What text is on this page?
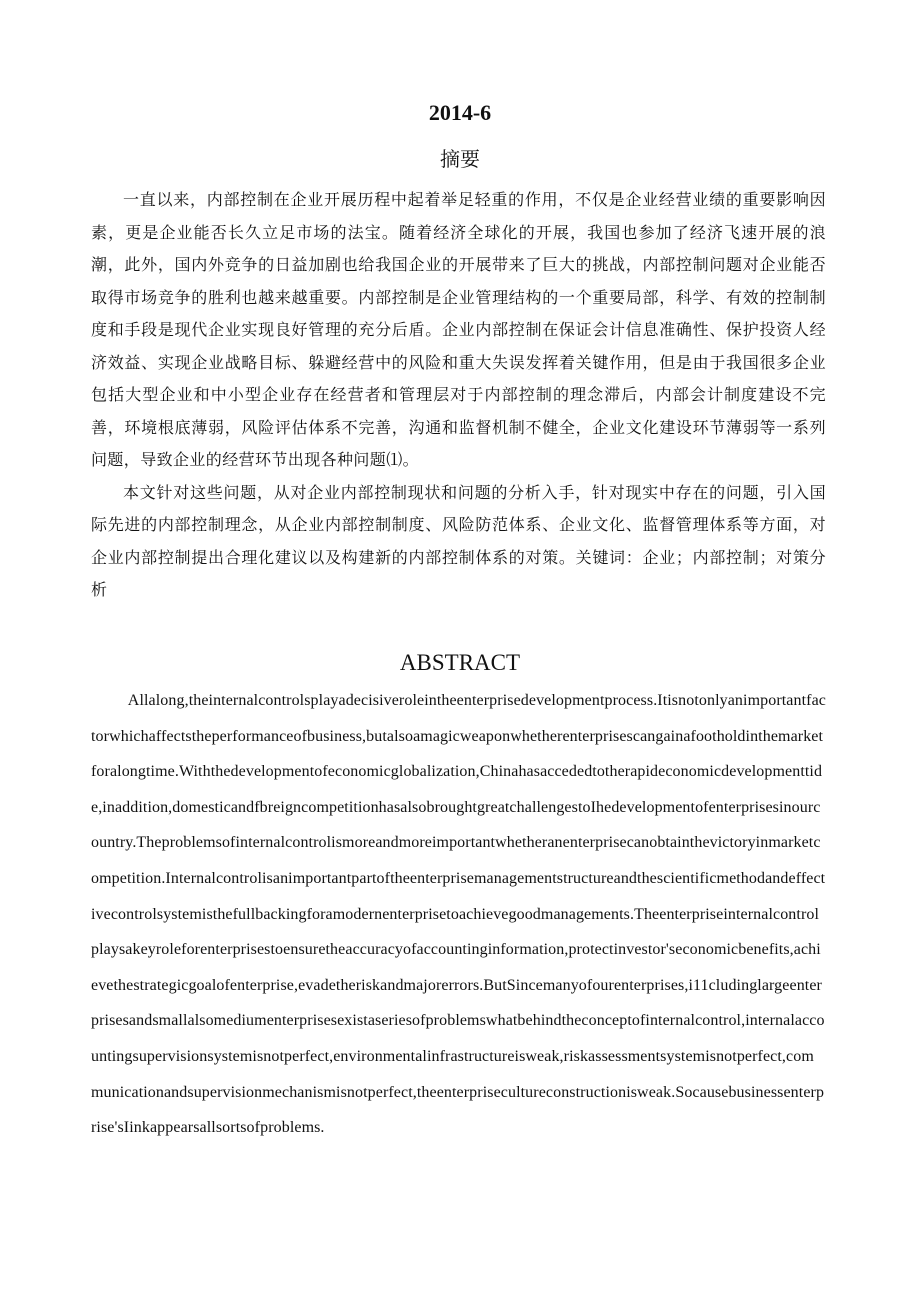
2014-6
摘要

一直以来，内部控制在企业开展历程中起着举足轻重的作用，不仅是企业经营业绩的重要影响因素，更是企业能否长久立足市场的法宝。随着经济全球化的开展，我国也参加了经济飞速开展的浪潮，此外，国内外竞争的日益加剧也给我国企业的开展带来了巨大的挑战，内部控制问题对企业能否取得市场竞争的胜利也越来越重要。内部控制是企业管理结构的一个重要局部，科学、有效的控制制度和手段是现代企业实现良好管理的充分后盾。企业内部控制在保证会计信息准确性、保护投资人经济效益、实现企业战略目标、躲避经营中的风险和重大失误发挥着关键作用，但是由于我国很多企业包括大型企业和中小型企业存在经营者和管理层对于内部控制的理念滞后，内部会计制度建设不完善，环境根底薄弱，风险评估体系不完善，沟通和监督机制不健全，企业文化建设环节薄弱等一系列问题，导致企业的经营环节出现各种问题⑴。

本文针对这些问题，从对企业内部控制现状和问题的分析入手，针对现实中存在的问题，引入国际先进的内部控制理念，从企业内部控制制度、风险防范体系、企业文化、监督管理体系等方面，对企业内部控制提出合理化建议以及构建新的内部控制体系的对策。关键词：企业；内部控制；对策分析

ABSTRACT

Allalong,theinternalcontrolsplayadecisiveroleintheenterprisedevelopmentprocess.Itisnotonlyanimportantfactorwhichaffectstheperformanceofbusiness,butalsoamagicweaponwhetherenterprisescangainafootholdinthemarketforalongtime.Withthedevelopmentofeconomicglobalization,Chinahasaccededtotherapideconomicdevelopmenttide,inaddition,domesticandfbreigncompetitionhasalsobroughtgreatchallengestoIhedevelopmentofenterprisesinourcountry.Theproblemsofinternalcontrolismoreandmoreimportantwhetheranenterprisecanobtainthevictoryinmarketcompetition.Internalcontrolisanimportantpartoftheenterprisemanagementstructureandthescientificmethodandeffectivecontrolsystemisthefullbackingforamodernenterprisetoachievegoodmanagements.Theenterpriseinternalcontrolplaysakeyroleforenterprisestoensuretheaccuracyofaccountinginformation,protectinvestor'seconomicbenefits,achievethestrategicgoalofenterprise,evadetheriskandmajorerrors.ButSincemanyofourenterprises,i11cludinglargeenterprisesandsmallalsomediumenterprisesexistaseriesofproblemswhatbehindtheconceptofinternalcontrol,internalaccountingsupervisionsystemisnotperfect,environmentalinfrastructureisweak,riskassessmentsystemisnotperfect,communicationandsupervisionmechanismisnotperfect,theenterprisecultureconstructionisweak.Socausebusinessenterprise'sIinkappearsallsortsofproblems.
